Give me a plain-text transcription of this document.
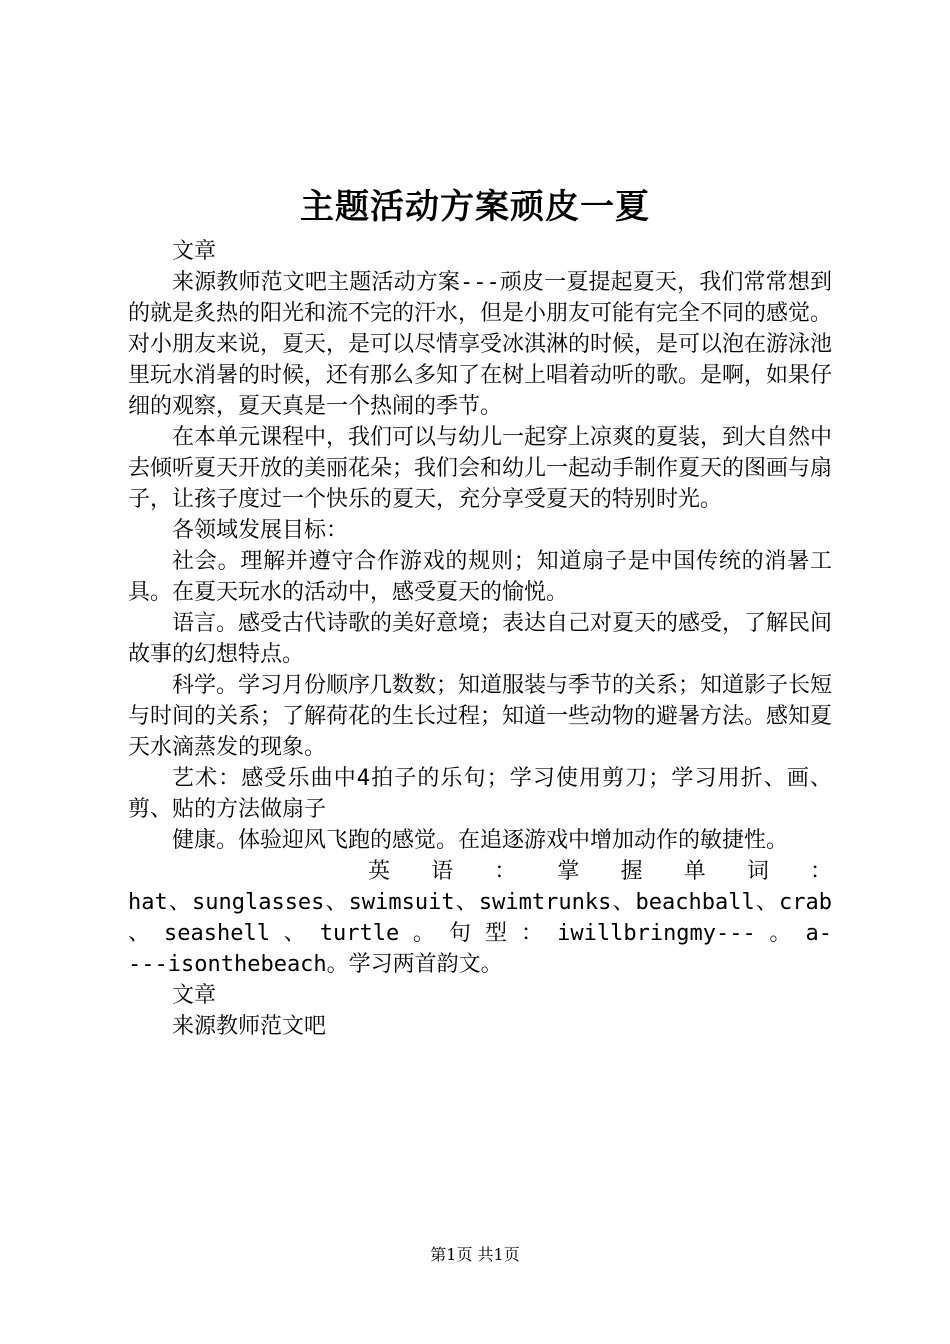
主题活动方案顽皮一夏

文章

来源教师范文吧主题活动方案---顽皮一夏提起夏天，我们常常想到的就是炙热的阳光和流不完的汗水，但是小朋友可能有完全不同的感觉。对小朋友来说，夏天，是可以尽情享受冰淇淋的时候，是可以泡在游泳池里玩水消暑的时候，还有那么多知了在树上唱着动听的歌。是啊，如果仔细的观察，夏天真是一个热闹的季节。

在本单元课程中，我们可以与幼儿一起穿上凉爽的夏装，到大自然中去倾听夏天开放的美丽花朵；我们会和幼儿一起动手制作夏天的图画与扇子，让孩子度过一个快乐的夏天，充分享受夏天的特别时光。

各领域发展目标：

社会。理解并遵守合作游戏的规则；知道扇子是中国传统的消暑工具。在夏天玩水的活动中，感受夏天的愉悦。

语言。感受古代诗歌的美好意境；表达自己对夏天的感受，了解民间故事的幻想特点。

科学。学习月份顺序几数数；知道服装与季节的关系；知道影子长短与时间的关系；了解荷花的生长过程；知道一些动物的避暑方法。感知夏天水滴蒸发的现象。

艺术：感受乐曲中4拍子的乐句；学习使用剪刀；学习用折、画、剪、贴的方法做扇子

健康。体验迎风飞跑的感觉。在追逐游戏中增加动作的敏捷性。

英 语 ： 掌 握 单 词 ：

hat、sunglasses、swimsuit、swimtrunks、beachball、crab 、 seashell 、 turtle 。 句 型 ： iwillbringmy--- 。 a----isonthebeach。学习两首韵文。

文章

来源教师范文吧

第1页 共1页
